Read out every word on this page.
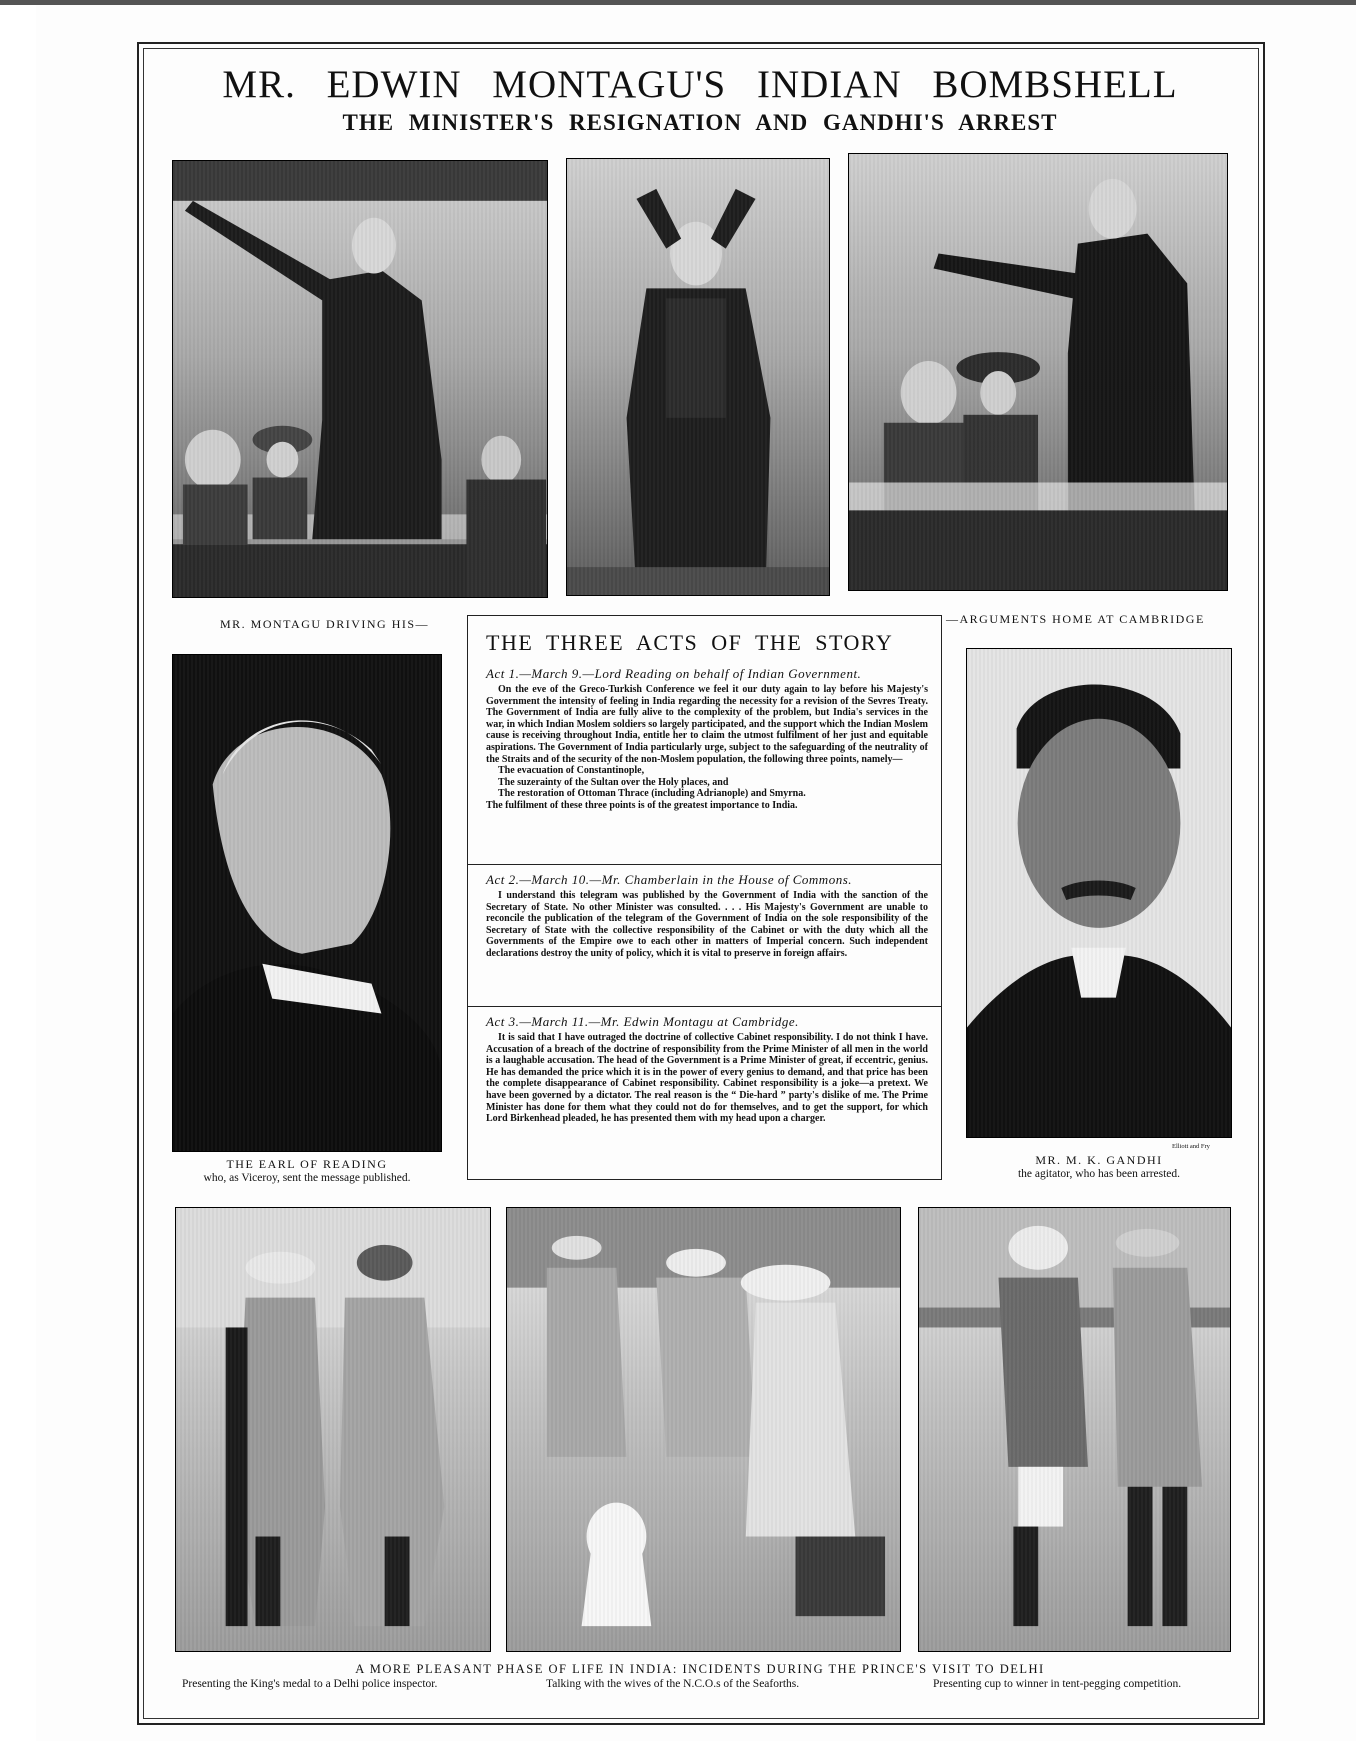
MR. EDWIN MONTAGU'S INDIAN BOMBSHELL
THE MINISTER'S RESIGNATION AND GANDHI'S ARREST
MR. MONTAGU DRIVING HIS—	—ARGUMENTS HOME AT CAMBRIDGE
Elliott and Fry
THE EARL OF READING
who, as Viceroy, sent the message published.
MR. M. K. GANDHI
the agitator, who has been arrested.
THE THREE ACTS OF THE STORY
Act 1.—March 9.—Lord Reading on behalf of Indian Government.

On the eve of the Greco-Turkish Conference we feel it our duty again to lay before his Majesty's Government the intensity of feeling in India regarding the necessity for a revision of the Sevres Treaty. The Government of India are fully alive to the complexity of the problem, but India's services in the war, in which Indian Moslem soldiers so largely participated, and the support which the Indian Moslem cause is receiving throughout India, entitle her to claim the utmost fulfilment of her just and equitable aspirations. The Government of India particularly urge, subject to the safeguarding of the neutrality of the Straits and of the security of the non-Moslem population, the following three points, namely—

The evacuation of Constantinople,

The suzerainty of the Sultan over the Holy places, and

The restoration of Ottoman Thrace (including Adrianople) and Smyrna.

The fulfilment of these three points is of the greatest importance to India.

Act 2.—March 10.—Mr. Chamberlain in the House of Commons.

I understand this telegram was published by the Government of India with the sanction of the Secretary of State. No other Minister was consulted. . . . His Majesty's Government are unable to reconcile the publication of the telegram of the Government of India on the sole responsibility of the Secretary of State with the collective responsibility of the Cabinet or with the duty which all the Governments of the Empire owe to each other in matters of Imperial concern. Such independent declarations destroy the unity of policy, which it is vital to preserve in foreign affairs.

Act 3.—March 11.—Mr. Edwin Montagu at Cambridge.

It is said that I have outraged the doctrine of collective Cabinet responsibility. I do not think I have. Accusation of a breach of the doctrine of responsibility from the Prime Minister of all men in the world is a laughable accusation. The head of the Government is a Prime Minister of great, if eccentric, genius. He has demanded the price which it is in the power of every genius to demand, and that price has been the complete disappearance of Cabinet responsibility. Cabinet responsibility is a joke—a pretext. We have been governed by a dictator. The real reason is the “ Die-hard ” party's dislike of me. The Prime Minister has done for them what they could not do for themselves, and to get the support, for which Lord Birkenhead pleaded, he has presented them with my head upon a charger.

A MORE PLEASANT PHASE OF LIFE IN INDIA: INCIDENTS DURING THE PRINCE'S VISIT TO DELHI
Presenting the King's medal to a Delhi police inspector.	Talking with the wives of the N.C.O.s of the Seaforths.	Presenting cup to winner in tent-pegging competition.
